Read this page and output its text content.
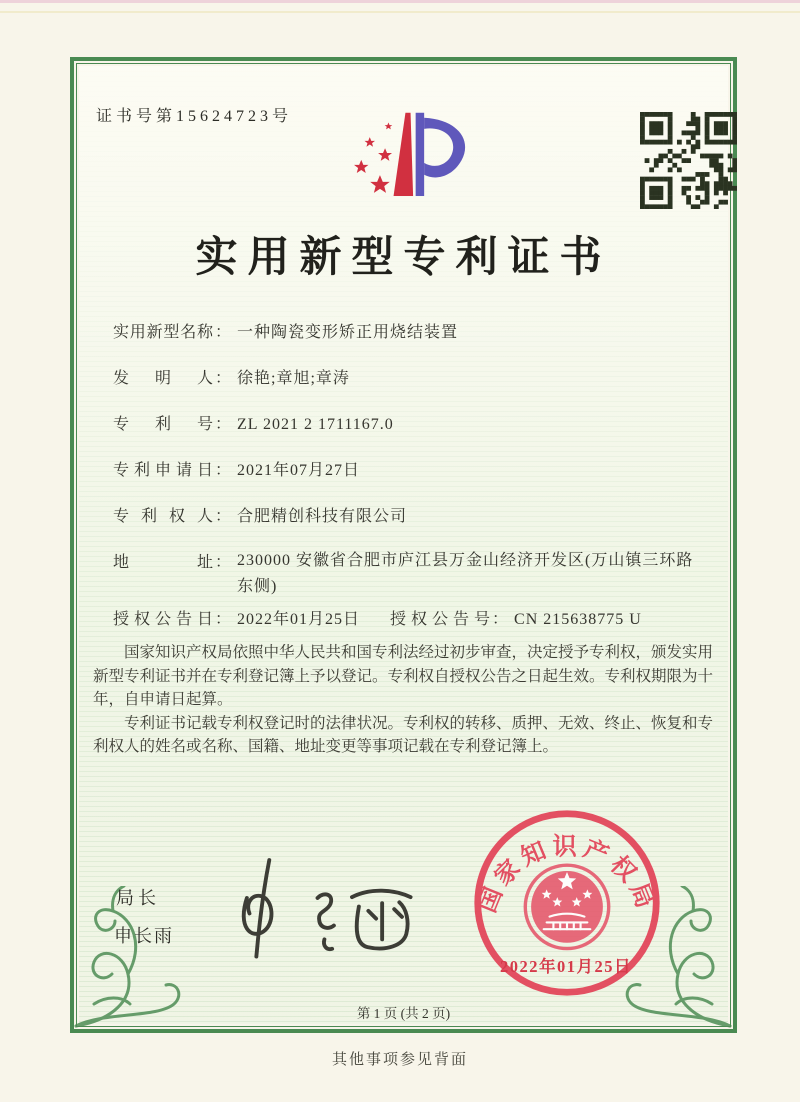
证书号第15624723号
实用新型专利证书
实用新型名称 ： 一种陶瓷变形矫正用烧结装置
发明人 ： 徐艳;章旭;章涛
专利号 ： ZL 2021 2 1711167.0
专利申请日 ： 2021年07月27日
专利权人 ： 合肥精创科技有限公司
地址 ： 230000 安徽省合肥市庐江县万金山经济开发区(万山镇三环路东侧)
授权公告日 ： 2022年01月25日 授权公告号 ： CN 215638775 U

国家知识产权局依照中华人民共和国专利法经过初步审查，决定授予专利权，颁发实用新型专利证书并在专利登记簿上予以登记。专利权自授权公告之日起生效。专利权期限为十年，自申请日起算。

专利证书记载专利权登记时的法律状况。专利权的转移、质押、无效、终止、恢复和专利权人的姓名或名称、国籍、地址变更等事项记载在专利登记簿上。

局长
申长雨
国家知识产权局
2022年01月25日
第 1 页 (共 2 页)
其他事项参见背面
